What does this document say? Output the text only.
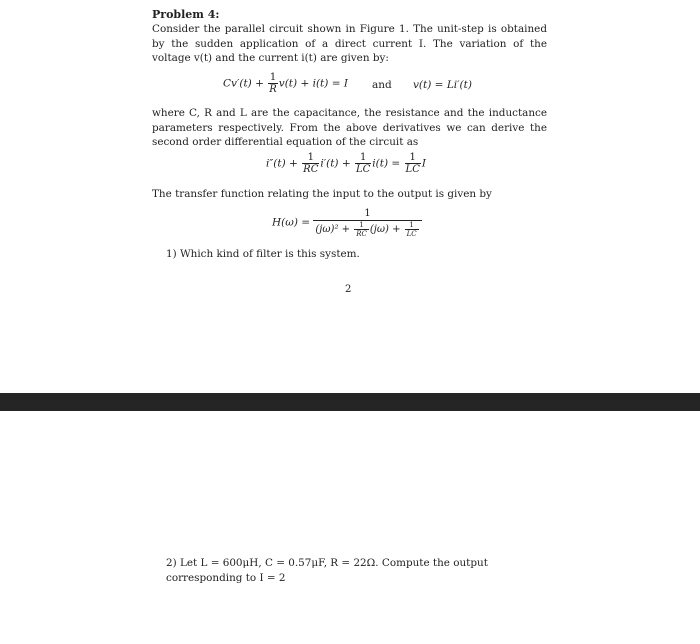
Problem 4:
Consider the parallel circuit shown in Figure 1. The unit-step is obtained by the sudden application of a direct current I. The variation of the voltage v(t) and the current i(t) are given by:
$Cv'(t) + \frac{1}{R} v(t) + i(t) = I$ and v(t) = Li′(t)
where C, R and L are the capacitance, the resistance and the inductance parameters respectively. From the above derivatives we can derive the second order differential equation of the circuit as
$i''(t) + \frac{1}{RC} i'(t) + \frac{1}{LC} i(t) = \frac{1}{LC}$ I
The transfer function relating the input to the output is given by
$H(\omega) = \frac{1}{(j\omega)^2 + \frac{1}{RC} (j\omega) + \frac{1}{LC}}$
1) Which kind of filter is this system.
2
2) Let L = 600μH, C = 0.57μF, R = 22Ω. Compute the output corresponding to I = 2
